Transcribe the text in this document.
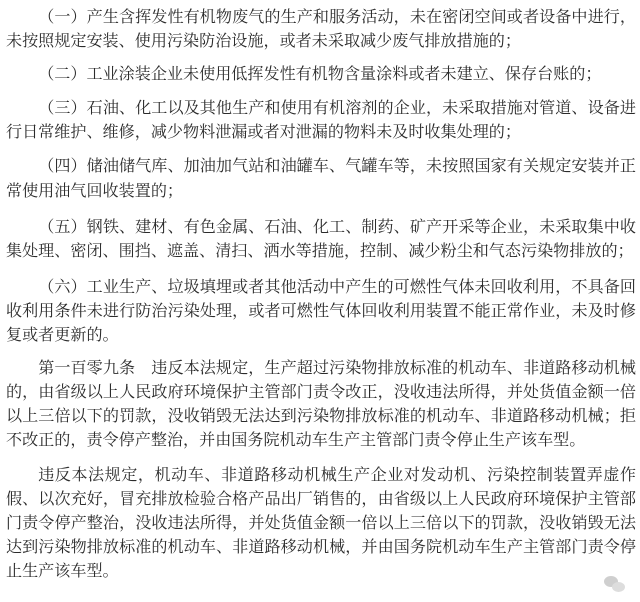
（一）产生含挥发性有机物废气的生产和服务活动，未在密闭空间或者设备中进行，未按照规定安装、使用污染防治设施，或者未采取减少废气排放措施的；

（二）工业涂装企业未使用低挥发性有机物含量涂料或者未建立、保存台账的；

（三）石油、化工以及其他生产和使用有机溶剂的企业，未采取措施对管道、设备进行日常维护、维修，减少物料泄漏或者对泄漏的物料未及时收集处理的；

（四）储油储气库、加油加气站和油罐车、气罐车等，未按照国家有关规定安装并正常使用油气回收装置的；

（五）钢铁、建材、有色金属、石油、化工、制药、矿产开采等企业，未采取集中收集处理、密闭、围挡、遮盖、清扫、洒水等措施，控制、减少粉尘和气态污染物排放的；

（六）工业生产、垃圾填埋或者其他活动中产生的可燃性气体未回收利用，不具备回收利用条件未进行防治污染处理，或者可燃性气体回收利用装置不能正常作业，未及时修复或者更新的。

第一百零九条　违反本法规定，生产超过污染物排放标准的机动车、非道路移动机械的，由省级以上人民政府环境保护主管部门责令改正，没收违法所得，并处货值金额一倍以上三倍以下的罚款，没收销毁无法达到污染物排放标准的机动车、非道路移动机械；拒不改正的，责令停产整治，并由国务院机动车生产主管部门责令停止生产该车型。

违反本法规定，机动车、非道路移动机械生产企业对发动机、污染控制装置弄虚作假、以次充好，冒充排放检验合格产品出厂销售的，由省级以上人民政府环境保护主管部门责令停产整治，没收违法所得，并处货值金额一倍以上三倍以下的罚款，没收销毁无法达到污染物排放标准的机动车、非道路移动机械，并由国务院机动车生产主管部门责令停止生产该车型。
